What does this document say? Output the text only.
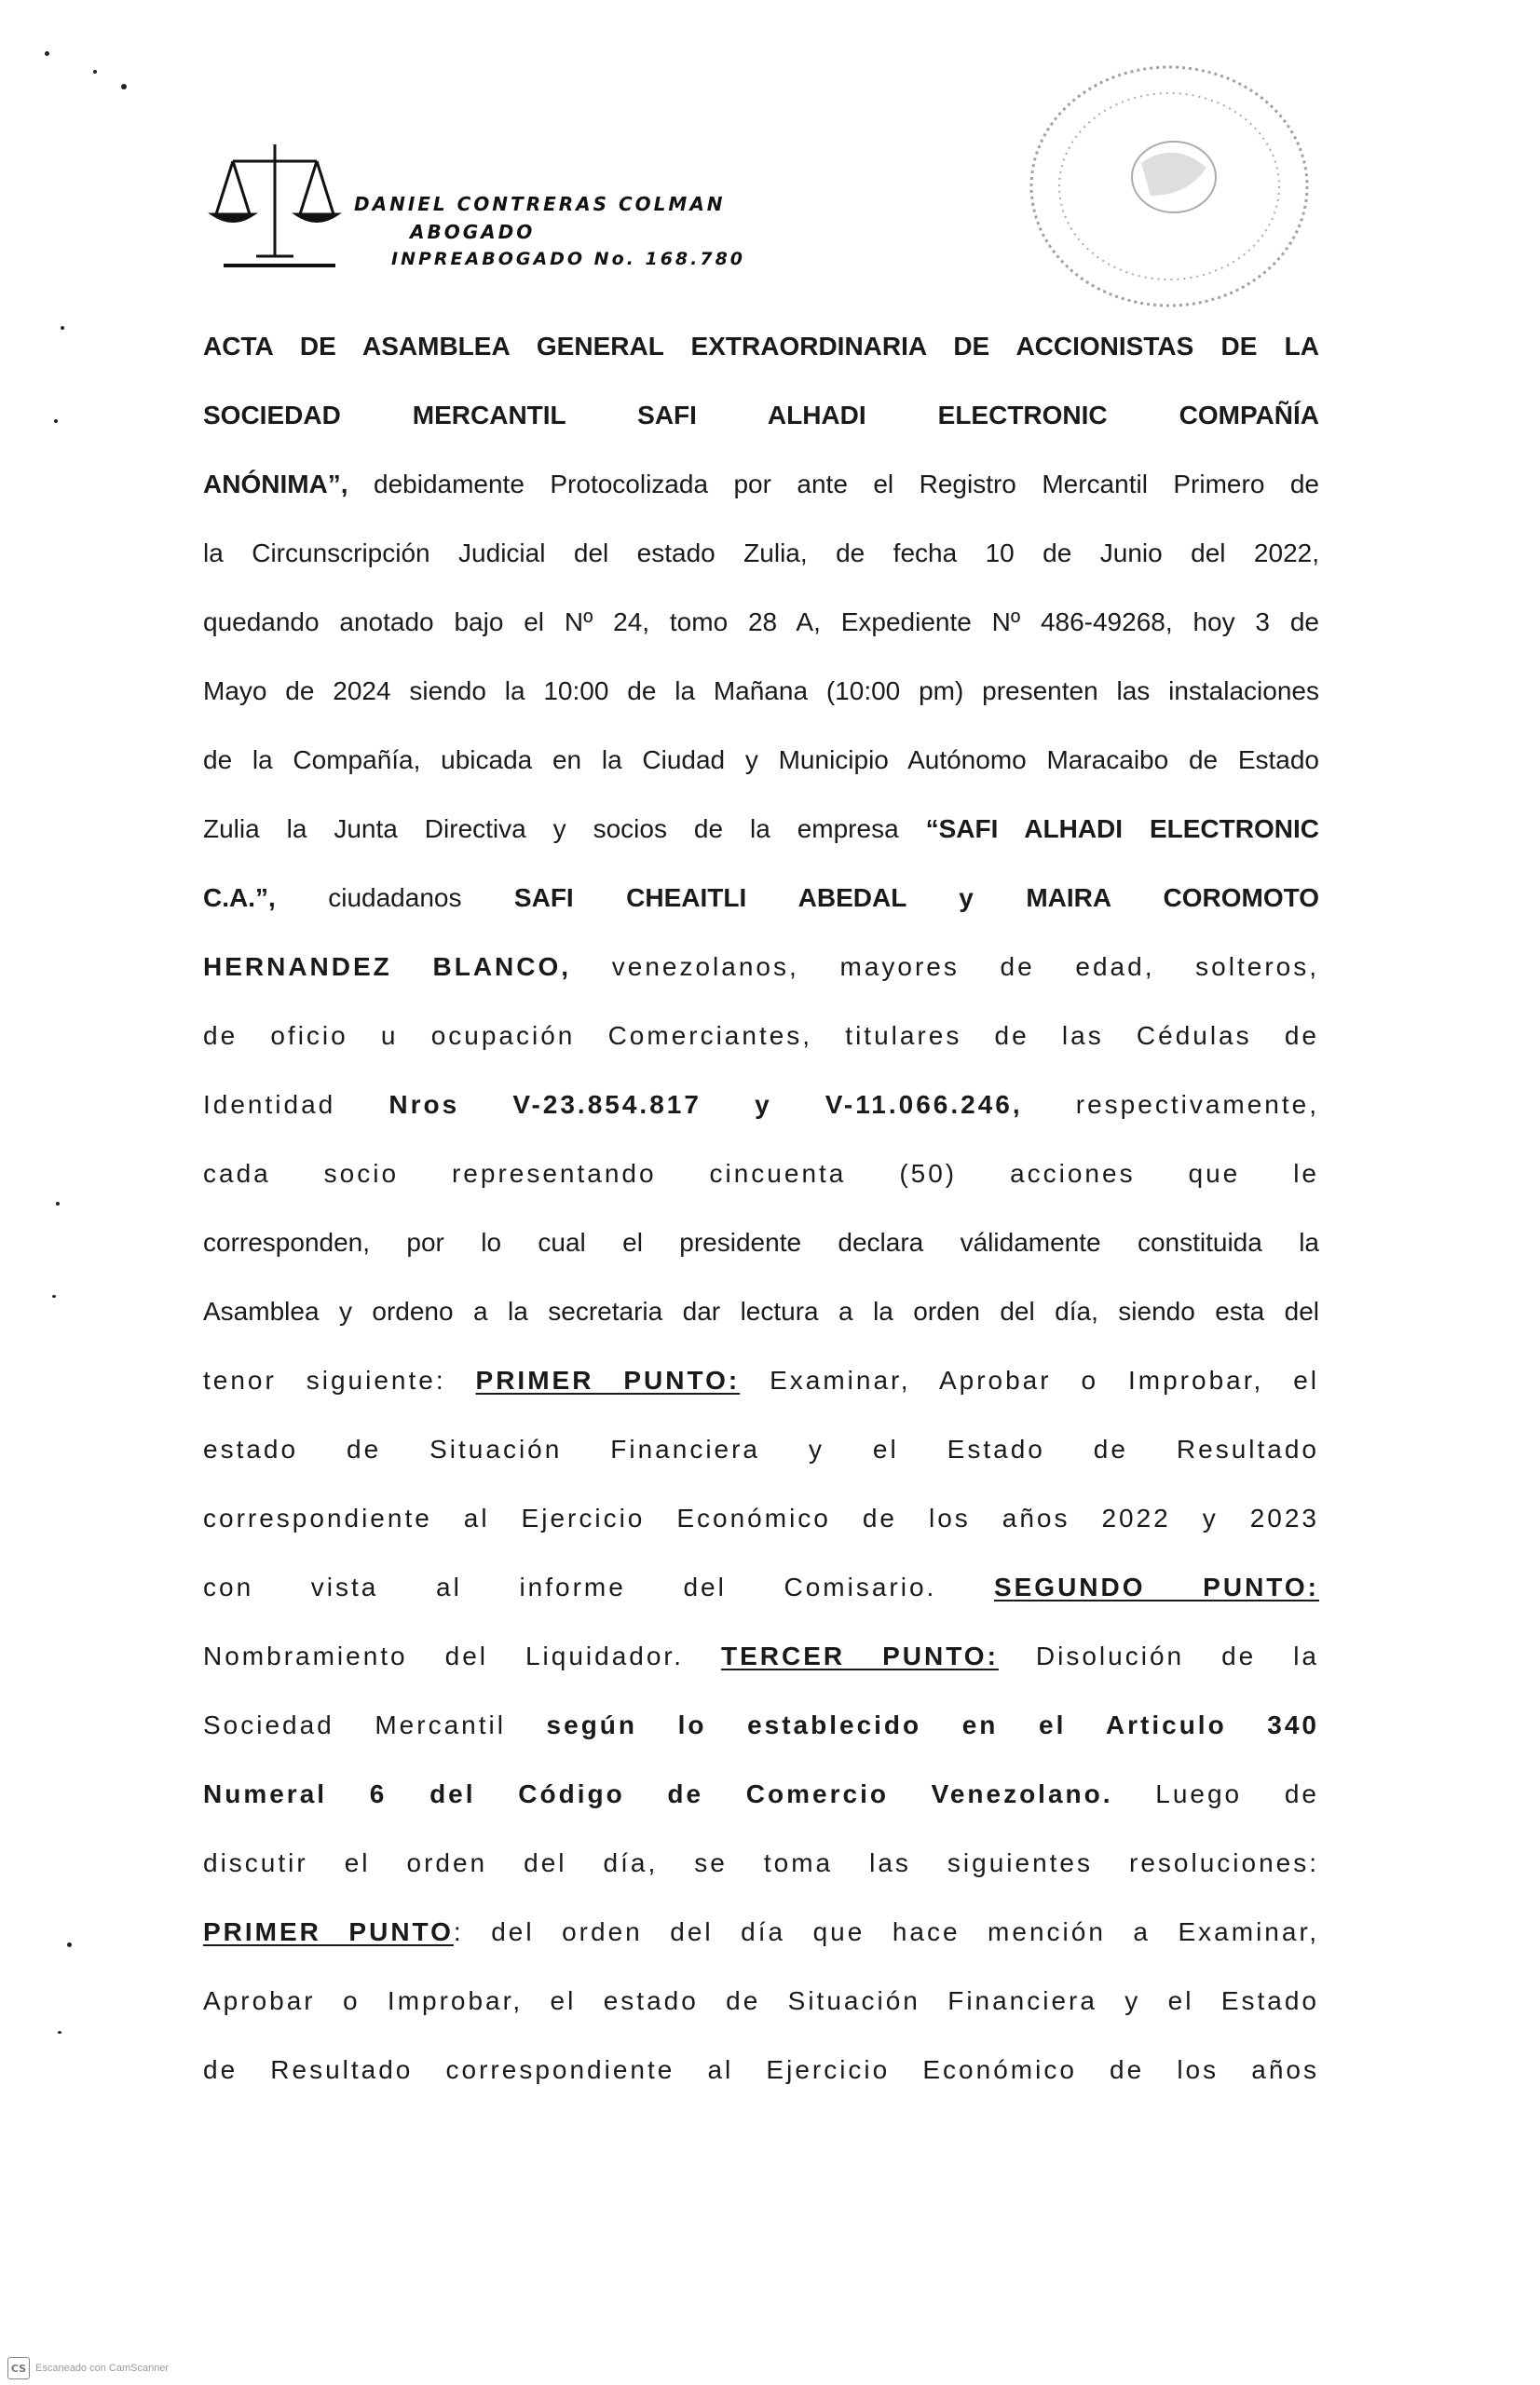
DANIEL CONTRERAS COLMAN
ABOGADO
INPREABOGADO No. 168.780
ACTA DE ASAMBLEA GENERAL EXTRAORDINARIA DE ACCIONISTAS DE LA
SOCIEDAD MERCANTIL SAFI ALHADI ELECTRONIC COMPAÑÍA
ANÓNIMA”, debidamente Protocolizada por ante el Registro Mercantil Primero de
la Circunscripción Judicial del estado Zulia, de fecha 10 de Junio del 2022,
quedando anotado bajo el Nº 24, tomo 28 A, Expediente Nº 486-49268, hoy 3 de
Mayo de 2024 siendo la 10:00 de la Mañana (10:00 pm) presenten las instalaciones
de la Compañía, ubicada en la Ciudad y Municipio Autónomo Maracaibo de Estado
Zulia la Junta Directiva y socios de la empresa “SAFI ALHADI ELECTRONIC
C.A.”, ciudadanos SAFI CHEAITLI ABEDAL y MAIRA COROMOTO
HERNANDEZ BLANCO, venezolanos, mayores de edad, solteros,
de oficio u ocupación Comerciantes, titulares de las Cédulas de
Identidad Nros V-23.854.817 y V-11.066.246, respectivamente,
cada socio representando cincuenta (50) acciones que le
corresponden, por lo cual el presidente declara válidamente constituida la
Asamblea y ordeno a la secretaria dar lectura a la orden del día, siendo esta del
tenor siguiente: PRIMER PUNTO: Examinar, Aprobar o Improbar, el
estado de Situación Financiera y el Estado de Resultado
correspondiente al Ejercicio Económico de los años 2022 y 2023
con vista al informe del Comisario. SEGUNDO PUNTO:
Nombramiento del Liquidador. TERCER PUNTO: Disolución de la
Sociedad Mercantil según lo establecido en el Articulo 340
Numeral 6 del Código de Comercio Venezolano. Luego de
discutir el orden del día, se toma las siguientes resoluciones:
PRIMER PUNTO: del orden del día que hace mención a Examinar,
Aprobar o Improbar, el estado de Situación Financiera y el Estado
de Resultado correspondiente al Ejercicio Económico de los años
CS Escaneado con CamScanner
